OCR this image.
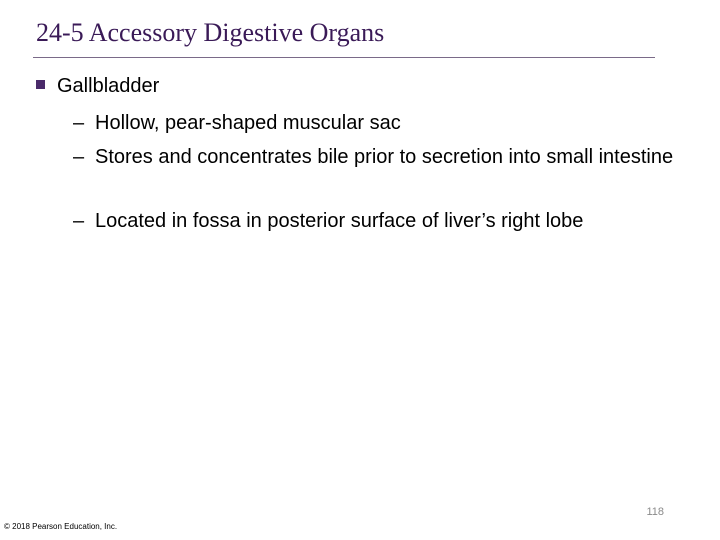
24-5 Accessory Digestive Organs
Gallbladder
– Hollow, pear-shaped muscular sac
– Stores and concentrates bile prior to secretion into small intestine
– Located in fossa in posterior surface of liver’s right lobe
118
© 2018 Pearson Education, Inc.
